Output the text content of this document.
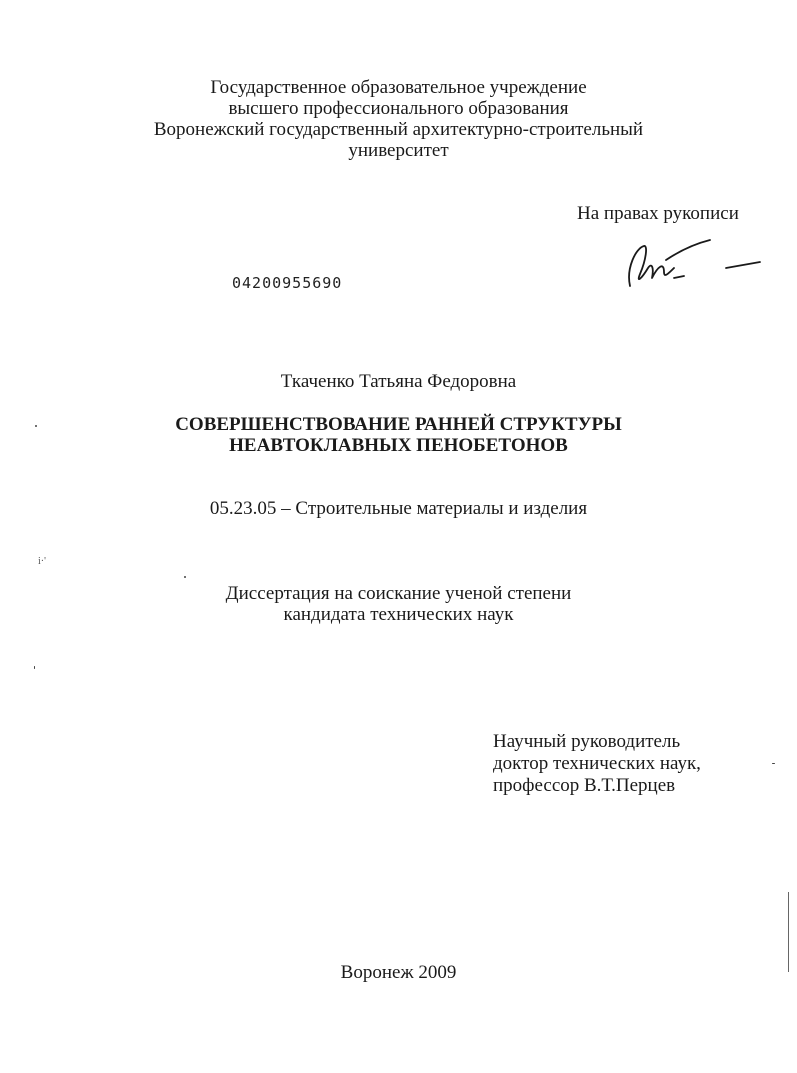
Государственное образовательное учреждение
высшего профессионального образования
Воронежский государственный архитектурно-строительный
университет
На правах рукописи
04200955690
Ткаченко Татьяна Федоровна
СОВЕРШЕНСТВОВАНИЕ РАННЕЙ СТРУКТУРЫ
НЕАВТОКЛАВНЫХ ПЕНОБЕТОНОВ
05.23.05 – Строительные материалы и изделия
Диссертация на соискание ученой степени
кандидата технических наук
Научный руководитель
доктор технических наук,
профессор В.Т.Перцев
Воронеж 2009
i·'
